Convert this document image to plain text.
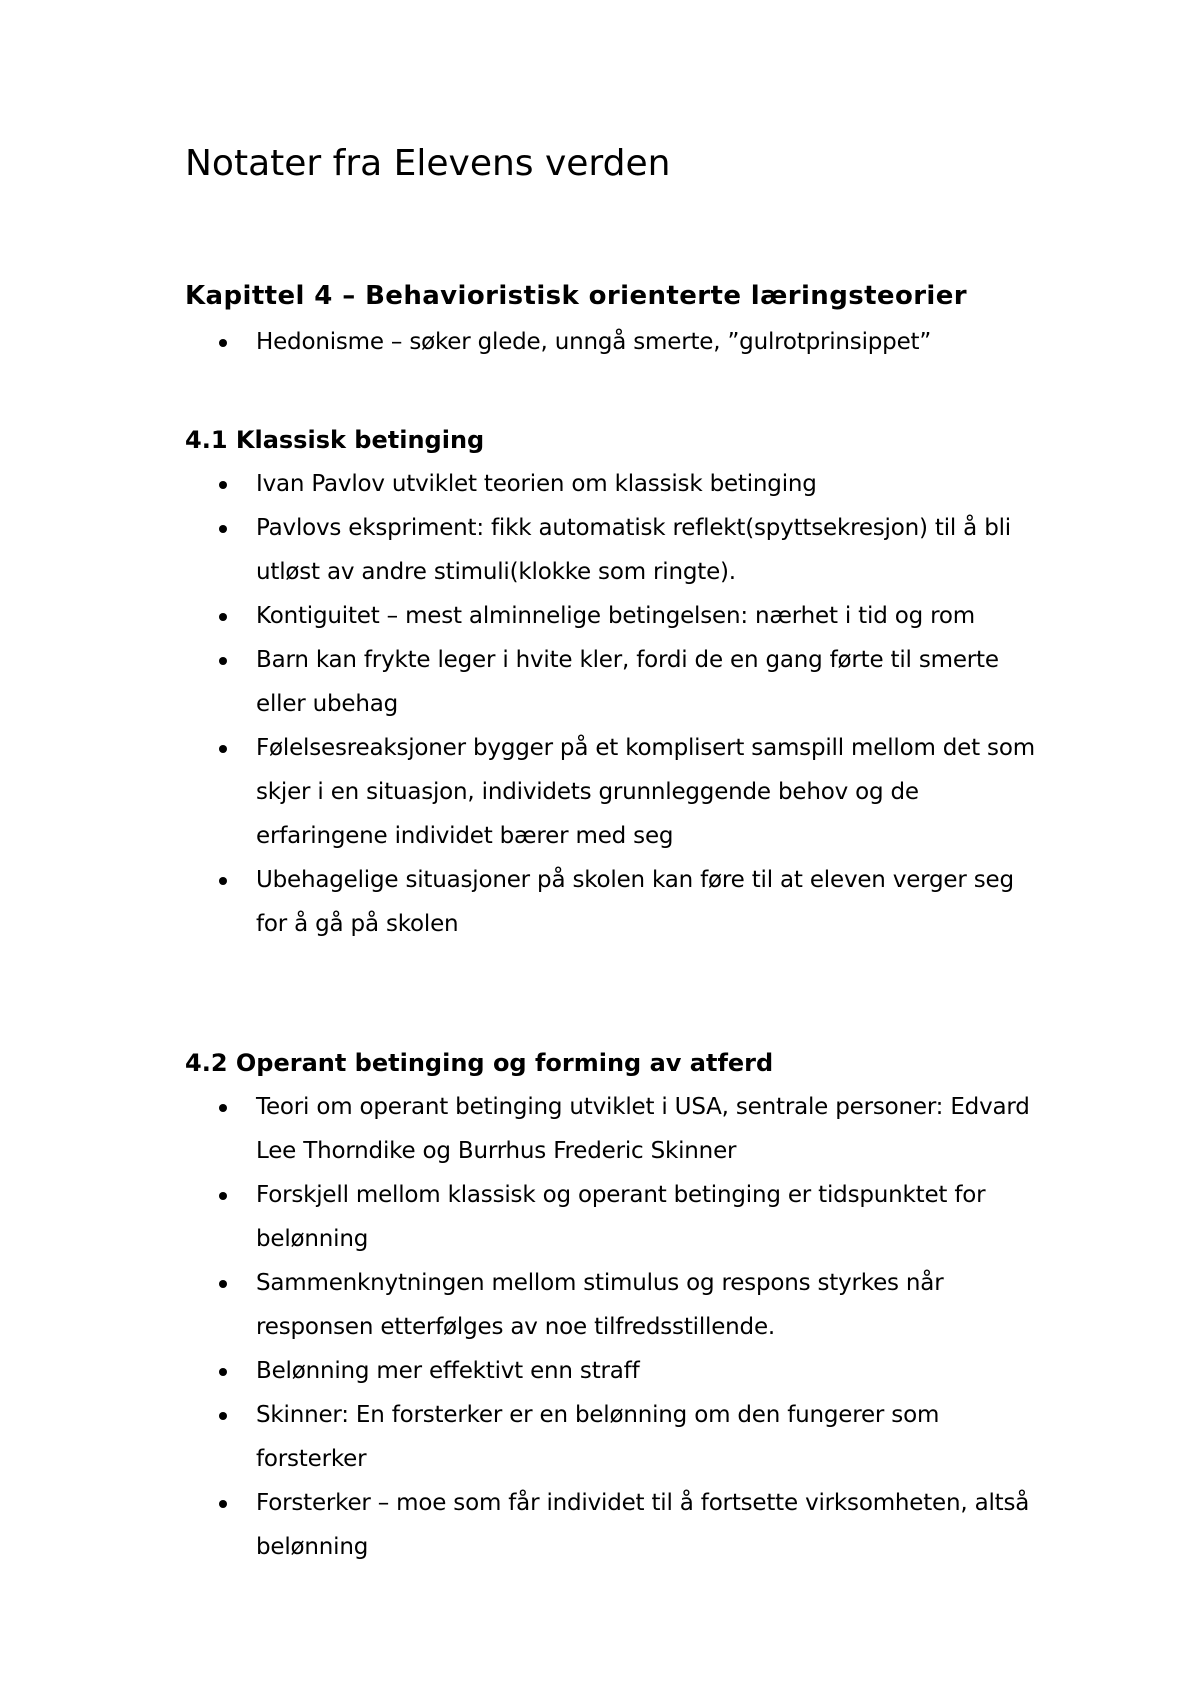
Notater fra Elevens verden
Kapittel 4 – Behavioristisk orienterte læringsteorier
Hedonisme – søker glede, unngå smerte, ”gulrotprinsippet”
4.1 Klassisk betinging
Ivan Pavlov utviklet teorien om klassisk betinging
Pavlovs ekspriment: fikk automatisk reflekt(spyttsekresjon) til å bli utløst av andre stimuli(klokke som ringte).
Kontiguitet – mest alminnelige betingelsen: nærhet i tid og rom
Barn kan frykte leger i hvite kler, fordi de en gang førte til smerte eller ubehag
Følelsesreaksjoner bygger på et komplisert samspill mellom det som skjer i en situasjon, individets grunnleggende behov og de erfaringene individet bærer med seg
Ubehagelige situasjoner på skolen kan føre til at eleven verger seg for å gå på skolen
4.2 Operant betinging og forming av atferd
Teori om operant betinging utviklet i USA, sentrale personer: Edvard Lee Thorndike og Burrhus Frederic Skinner
Forskjell mellom klassisk og operant betinging er tidspunktet for belønning
Sammenknytningen mellom stimulus og respons styrkes når responsen etterfølges av noe tilfredsstillende.
Belønning mer effektivt enn straff
Skinner: En forsterker er en belønning om den fungerer som forsterker
Forsterker – moe som får individet til å fortsette virksomheten, altså belønning
